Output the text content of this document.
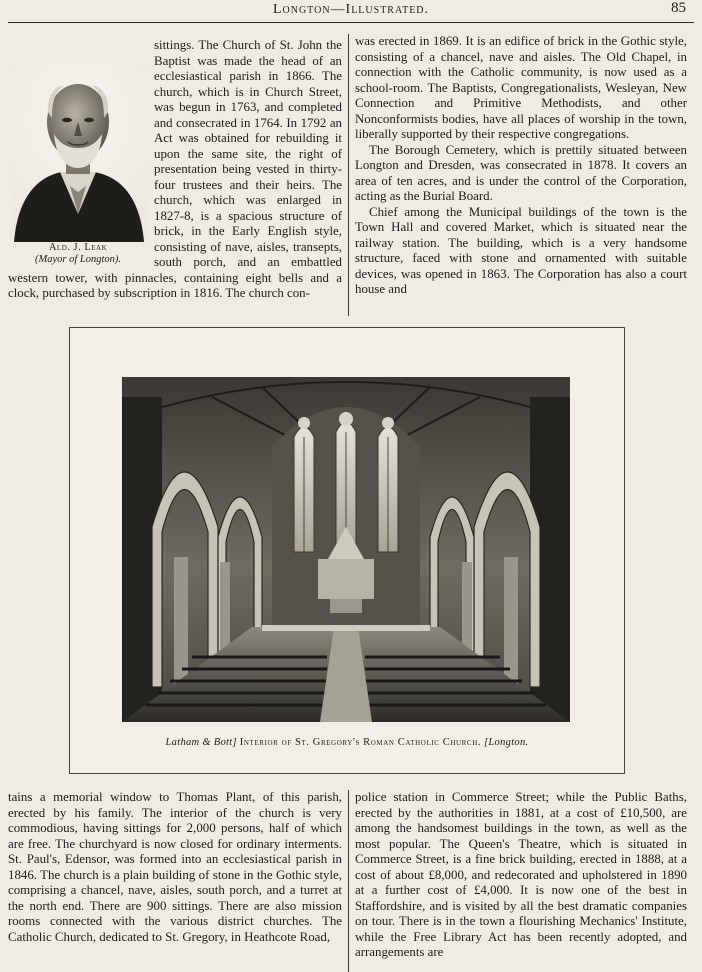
Longton—Illustrated.	85
Ald. J. Leak
(Mayor of Longton).

sittings. The Church of St. John the Baptist was made the head of an ecclesiastical parish in 1866. The church, which is in Church Street, was begun in 1763, and completed and consecrated in 1764. In 1792 an Act was obtained for rebuilding it upon the same site, the right of presentation being vested in thirty-four trustees and their heirs. The church, which was enlarged in 1827-8, is a spacious structure of brick, in the Early English style, consisting of nave, aisles, transepts, south porch, and an embattled western tower, with pinnacles, containing eight bells and a clock, purchased by subscription in 1816. The church con-

was erected in 1869. It is an edifice of brick in the Gothic style, consisting of a chancel, nave and aisles. The Old Chapel, in connection with the Catholic community, is now used as a school-room. The Baptists, Congregationalists, Wesleyan, New Connection and Primitive Methodists, and other Nonconformists bodies, have all places of worship in the town, liberally supported by their respective congregations.

The Borough Cemetery, which is prettily situated between Longton and Dresden, was consecrated in 1878. It covers an area of ten acres, and is under the control of the Corporation, acting as the Burial Board.

Chief among the Municipal buildings of the town is the Town Hall and covered Market, which is situated near the railway station. The building, which is a very handsome structure, faced with stone and ornamented with suitable devices, was opened in 1863. The Corporation has also a court house and

Latham & Bott] Interior of St. Gregory's Roman Catholic Church. [Longton.

tains a memorial window to Thomas Plant, of this parish, erected by his family. The interior of the church is very commodious, having sittings for 2,000 persons, half of which are free. The churchyard is now closed for ordinary interments. St. Paul's, Edensor, was formed into an ecclesiastical parish in 1846. The church is a plain building of stone in the Gothic style, comprising a chancel, nave, aisles, south porch, and a turret at the north end. There are 900 sittings. There are also mission rooms connected with the various district churches. The Catholic Church, dedicated to St. Gregory, in Heathcote Road,

police station in Commerce Street; while the Public Baths, erected by the authorities in 1881, at a cost of £10,500, are among the handsomest buildings in the town, as well as the most popular. The Queen's Theatre, which is situated in Commerce Street, is a fine brick building, erected in 1888, at a cost of about £8,000, and redecorated and upholstered in 1890 at a further cost of £4,000. It is now one of the best in Staffordshire, and is visited by all the best dramatic companies on tour. There is in the town a flourishing Mechanics' Institute, while the Free Library Act has been recently adopted, and arrangements are
